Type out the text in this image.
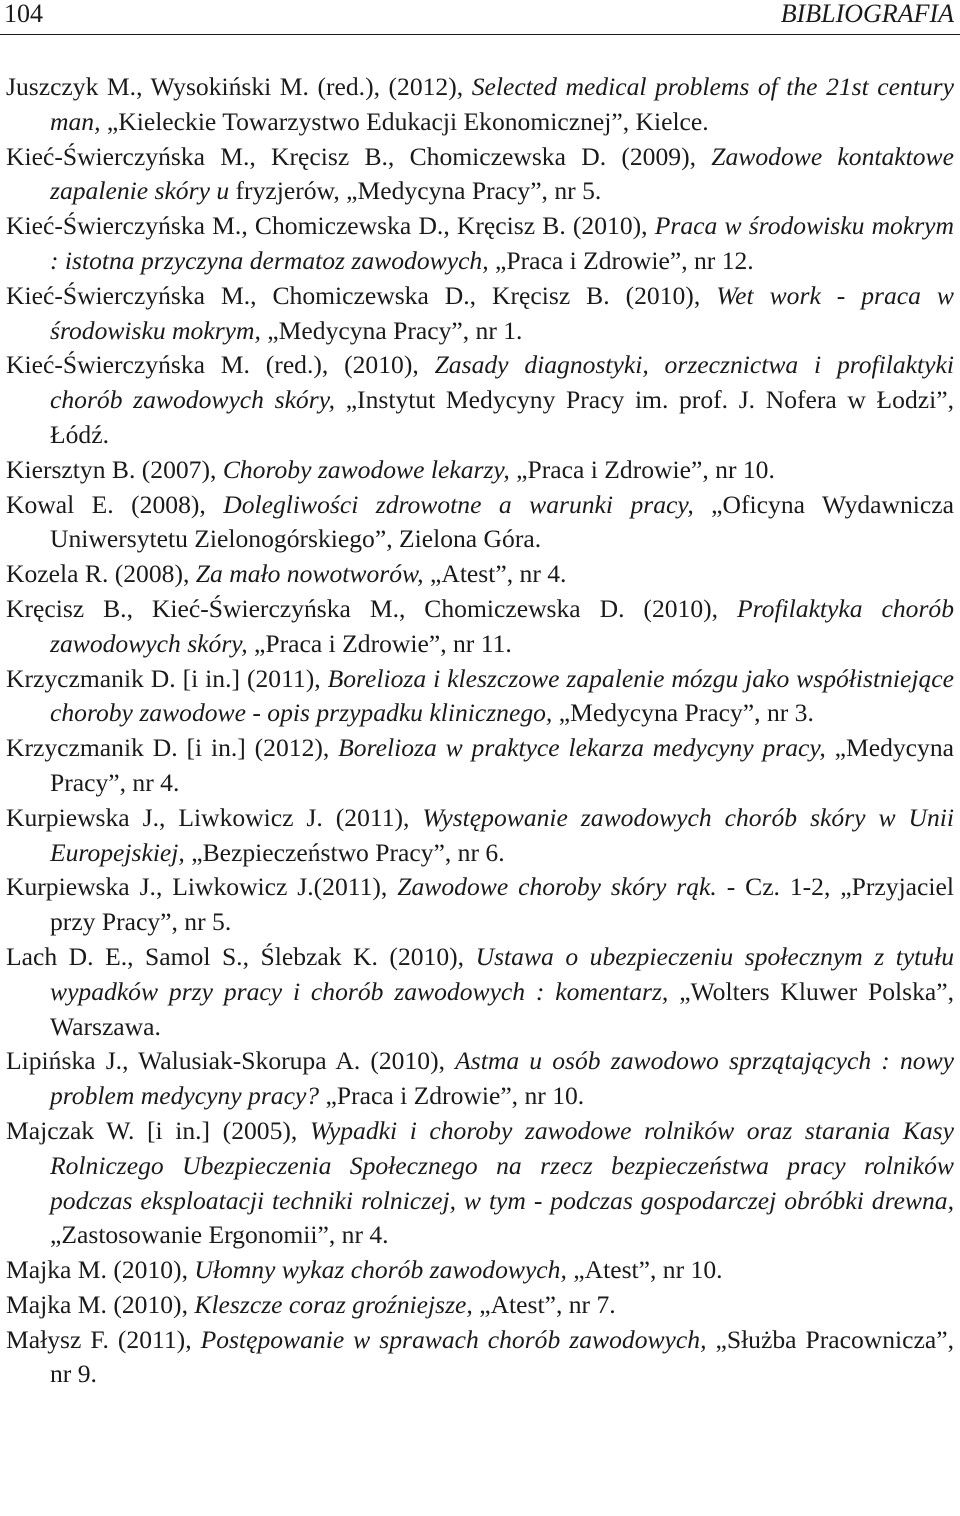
104	BIBLIOGRAFIA
Juszczyk M., Wysokiński M. (red.), (2012), Selected medical problems of the 21st century man, „Kieleckie Towarzystwo Edukacji Ekonomicznej”, Kielce.
Kieć-Świerczyńska M., Kręcisz B., Chomiczewska D. (2009), Zawodowe kontaktowe zapalenie skóry u fryzjerów, „Medycyna Pracy”, nr 5.
Kieć-Świerczyńska M., Chomiczewska D., Kręcisz B. (2010), Praca w środowisku mokrym : istotna przyczyna dermatoz zawodowych, „Praca i Zdrowie”, nr 12.
Kieć-Świerczyńska M., Chomiczewska D., Kręcisz B. (2010), Wet work - praca w środowisku mokrym, „Medycyna Pracy”, nr 1.
Kieć-Świerczyńska M. (red.), (2010), Zasady diagnostyki, orzecznictwa i profilaktyki chorób zawodowych skóry, „Instytut Medycyny Pracy im. prof. J. Nofera w Łodzi”, Łódź.
Kiersztyn B. (2007), Choroby zawodowe lekarzy, „Praca i Zdrowie”, nr 10.
Kowal E. (2008), Dolegliwości zdrowotne a warunki pracy, „Oficyna Wydawnicza Uniwersytetu Zielonogórskiego”, Zielona Góra.
Kozela R. (2008), Za mało nowotworów, „Atest”, nr 4.
Kręcisz B., Kieć-Świerczyńska M., Chomiczewska D. (2010), Profilaktyka chorób zawodowych skóry, „Praca i Zdrowie”, nr 11.
Krzyczmanik D. [i in.] (2011), Borelioza i kleszczowe zapalenie mózgu jako współistniejące choroby zawodowe - opis przypadku klinicznego, „Medycyna Pracy”, nr 3.
Krzyczmanik D. [i in.] (2012), Borelioza w praktyce lekarza medycyny pracy, „Medycyna Pracy”, nr 4.
Kurpiewska J., Liwkowicz J. (2011), Występowanie zawodowych chorób skóry w Unii Europejskiej, „Bezpieczeństwo Pracy”, nr 6.
Kurpiewska J., Liwkowicz J.(2011), Zawodowe choroby skóry rąk. - Cz. 1-2, „Przyjaciel przy Pracy”, nr 5.
Lach D. E., Samol S., Ślebzak K. (2010), Ustawa o ubezpieczeniu społecznym z tytułu wypadków przy pracy i chorób zawodowych : komentarz, „Wolters Kluwer Polska”, Warszawa.
Lipińska J., Walusiak-Skorupa A. (2010), Astma u osób zawodowo sprzątających : nowy problem medycyny pracy? „Praca i Zdrowie”, nr 10.
Majczak W. [i in.] (2005), Wypadki i choroby zawodowe rolników oraz starania Kasy Rolniczego Ubezpieczenia Społecznego na rzecz bezpieczeństwa pracy rolników podczas eksploatacji techniki rolniczej, w tym - podczas gospodarczej obróbki drewna, „Zastosowanie Ergonomii”, nr 4.
Majka M. (2010), Ułomny wykaz chorób zawodowych, „Atest”, nr 10.
Majka M. (2010), Kleszcze coraz groźniejsze, „Atest”, nr 7.
Małysz F. (2011), Postępowanie w sprawach chorób zawodowych, „Służba Pracownicza”, nr 9.
